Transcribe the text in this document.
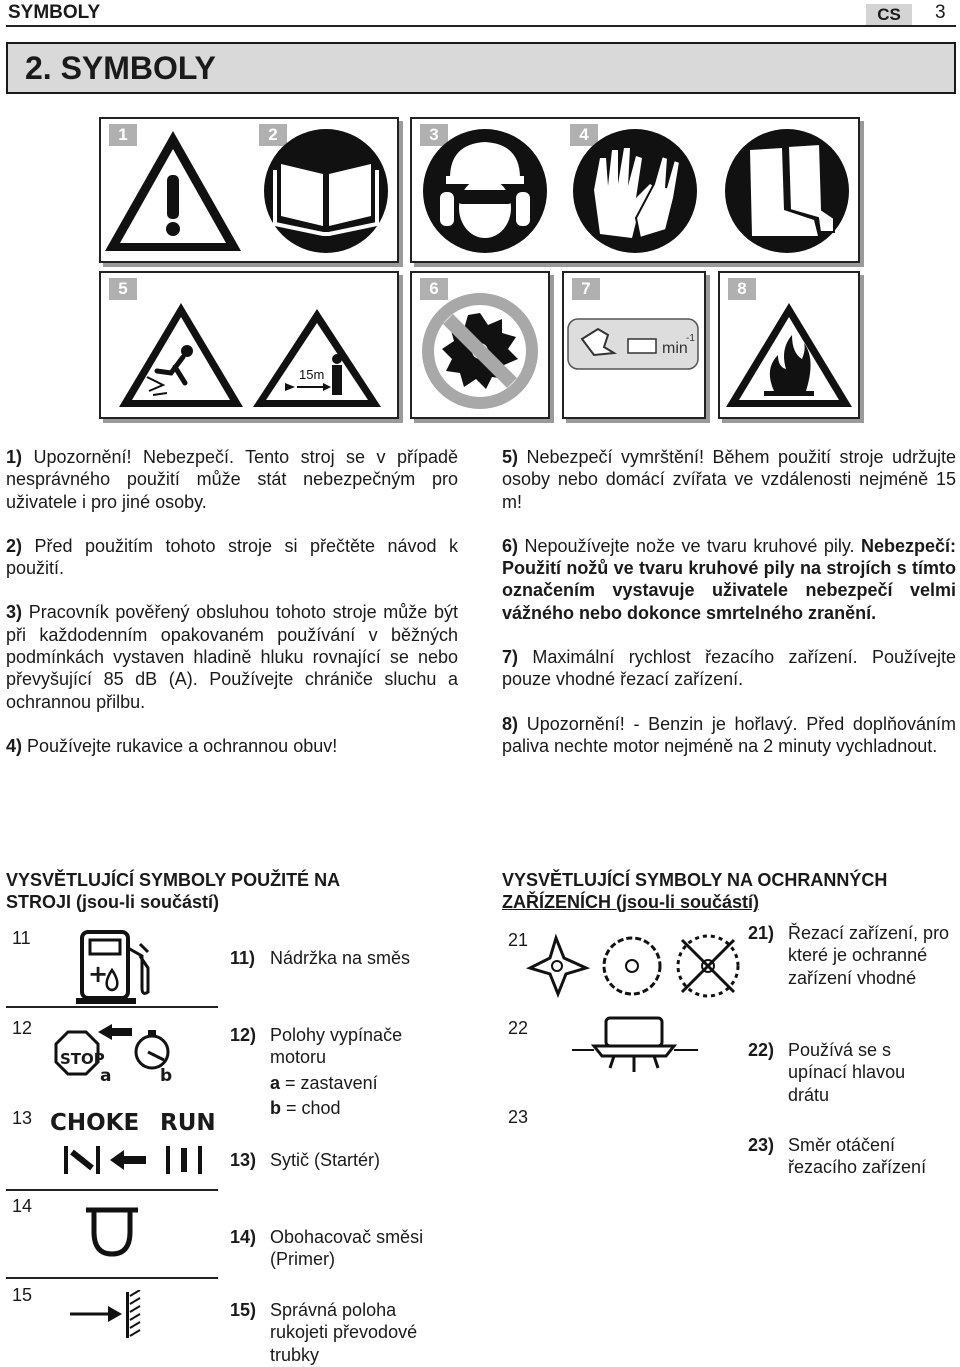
SYMBOLY	CS	3
2. SYMBOLY
1	2	3	4
5
15m
6	7
min
-1
8

1) Upozornění! Nebezpečí. Tento stroj se v případě nesprávného použití může stát nebezpečným pro uživatele i pro jiné osoby.

2) Před použitím tohoto stroje si přečtěte návod k použití.

3) Pracovník pověřený obsluhou tohoto stroje může být při každodenním opakovaném používání v běžných podmínkách vystaven hladině hluku rovnající se nebo převyšující 85 dB (A). Používejte chrániče sluchu a ochrannou přilbu.

4) Používejte rukavice a ochrannou obuv!

5) Nebezpečí vymrštění! Během použití stroje udržujte osoby nebo domácí zvířata ve vzdálenosti nejméně 15 m!

6) Nepoužívejte nože ve tvaru kruhové pily. Nebezpečí: Použití nožů ve tvaru kruhové pily na strojích s tímto označením vystavuje uživatele nebezpečí velmi vážného nebo dokonce smrtelného zranění.

7) Maximální rychlost řezacího zařízení. Používejte pouze vhodné řezací zařízení.

8) Upozornění! - Benzin je hořlavý. Před doplňováním paliva nechte motor nejméně na 2 minuty vychladnout.

VYSVĚTLUJÍCÍ SYMBOLY POUŽITÉ NA
STROJI (jsou-li součástí)
11
12
13
14
15
+
STOP
a	b
CHOKE RUN
11) Nádržka na směs
12) Polohy vypínače motoru
a = zastavení
b = chod
13) Sytič (Startér)
14) Obohacovač směsi (Primer)
15) Správná poloha rukojeti převodové trubky
VYSVĚTLUJÍCÍ SYMBOLY NA OCHRANNÝCH
ZAŘÍZENÍCH (jsou-li součástí)
21
22
23
21) Řezací zařízení, pro které je ochranné zařízení vhodné
22) Používá se s upínací hlavou drátu
23) Směr otáčení řezacího zařízení
